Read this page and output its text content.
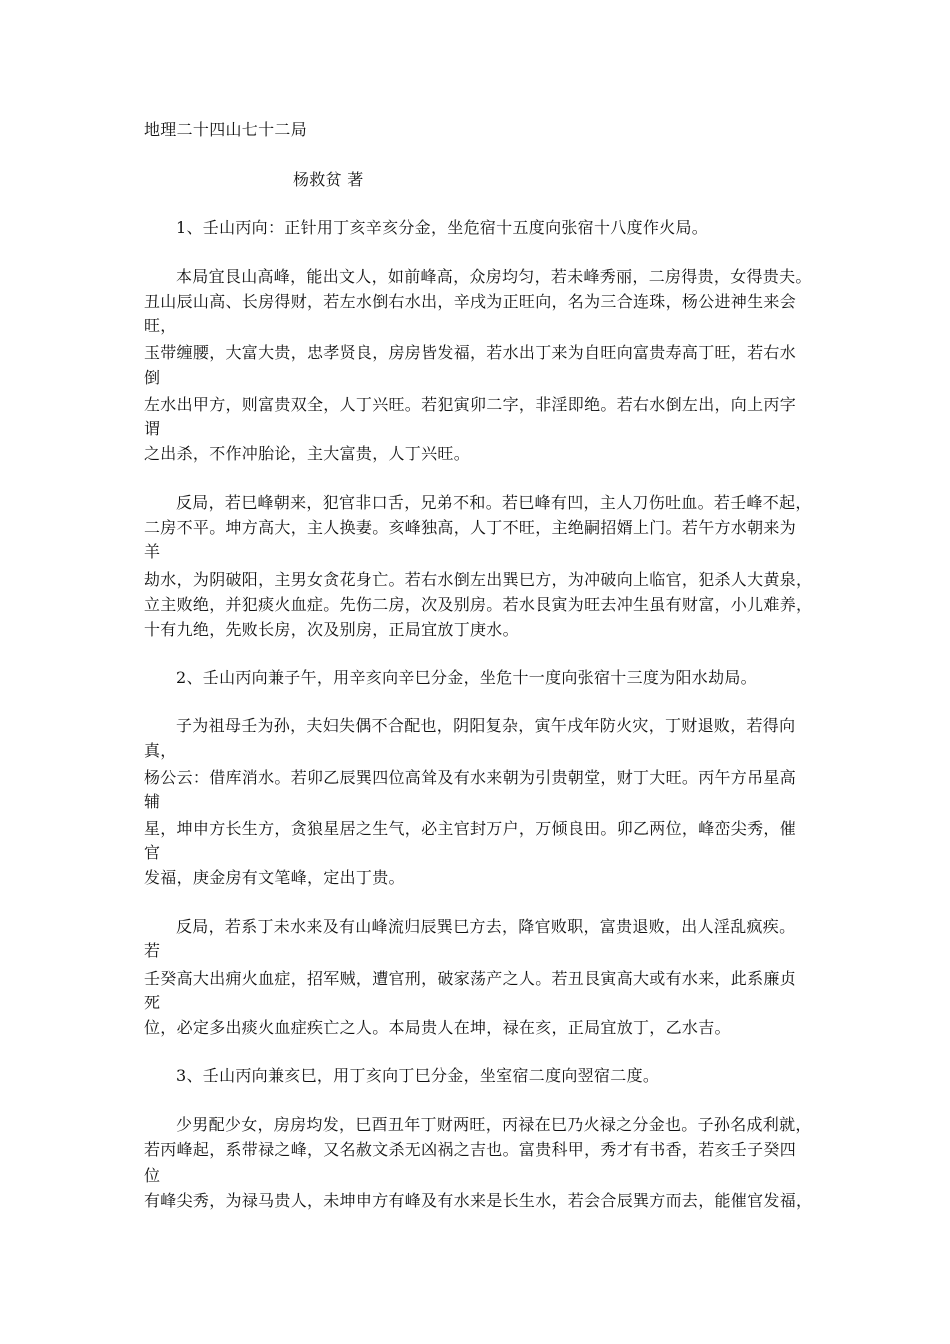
地理二十四山七十二局
杨救贫 著
1、壬山丙向：正针用丁亥辛亥分金，坐危宿十五度向张宿十八度作火局。
本局宜艮山高峰，能出文人，如前峰高，众房均匀，若未峰秀丽，二房得贵，女得贵夫。
丑山辰山高、长房得财，若左水倒右水出，辛戌为正旺向，名为三合连珠，杨公进神生来会
旺，
玉带缠腰，大富大贵，忠孝贤良，房房皆发福，若水出丁来为自旺向富贵寿高丁旺，若右水
倒
左水出甲方，则富贵双全，人丁兴旺。若犯寅卯二字，非淫即绝。若右水倒左出，向上丙字
谓
之出杀，不作冲胎论，主大富贵，人丁兴旺。
反局，若巳峰朝来，犯官非口舌，兄弟不和。若巳峰有凹，主人刀伤吐血。若壬峰不起，
二房不平。坤方高大，主人换妻。亥峰独高，人丁不旺，主绝嗣招婿上门。若午方水朝来为
羊
劫水，为阴破阳，主男女贪花身亡。若右水倒左出巽巳方，为冲破向上临官，犯杀人大黄泉，
立主败绝，并犯痰火血症。先伤二房，次及别房。若水艮寅为旺去冲生虽有财富，小儿难养，
十有九绝，先败长房，次及别房，正局宜放丁庚水。
2、壬山丙向兼子午，用辛亥向辛巳分金，坐危十一度向张宿十三度为阳水劫局。
子为祖母壬为孙，夫妇失偶不合配也，阴阳复杂，寅午戌年防火灾，丁财退败，若得向
真，
杨公云：借库消水。若卯乙辰巽四位高耸及有水来朝为引贵朝堂，财丁大旺。丙午方吊星高
辅
星，坤申方长生方，贪狼星居之生气，必主官封万户，万倾良田。卯乙两位，峰峦尖秀，催
官
发福，庚金房有文笔峰，定出丁贵。
反局，若系丁未水来及有山峰流归辰巽巳方去，降官败职，富贵退败，出人淫乱疯疾。
若
壬癸高大出痈火血症，招军贼，遭官刑，破家荡产之人。若丑艮寅高大或有水来，此系廉贞
死
位，必定多出痰火血症疾亡之人。本局贵人在坤，禄在亥，正局宜放丁，乙水吉。
3、壬山丙向兼亥巳，用丁亥向丁巳分金，坐室宿二度向翌宿二度。
少男配少女，房房均发，巳酉丑年丁财两旺，丙禄在巳乃火禄之分金也。子孙名成利就，
若丙峰起，系带禄之峰，又名赦文杀无凶祸之吉也。富贵科甲，秀才有书香，若亥壬子癸四
位
有峰尖秀，为禄马贵人，未坤申方有峰及有水来是长生水，若会合辰巽方而去，能催官发福，
